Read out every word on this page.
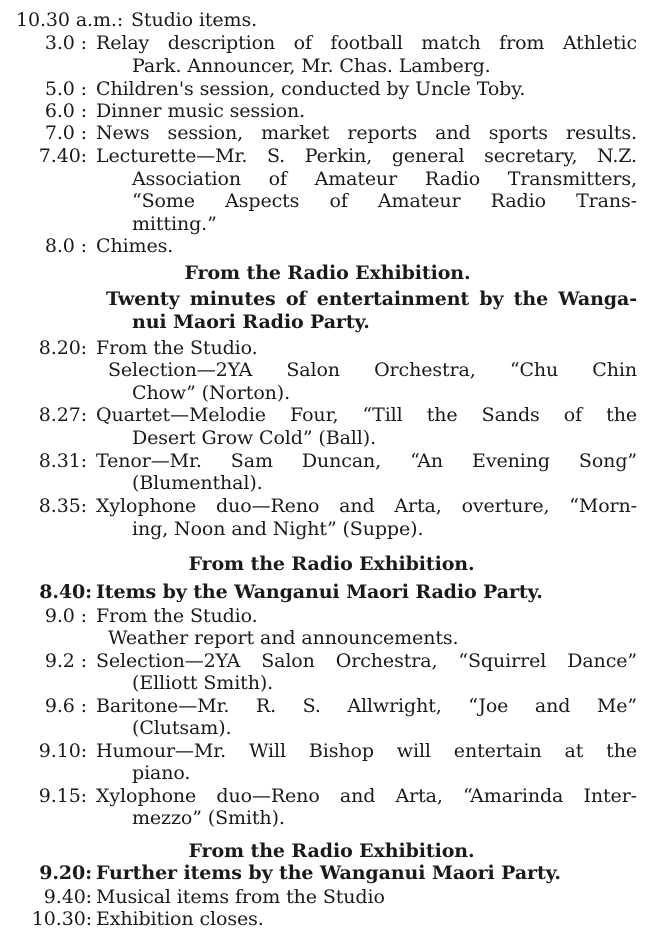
10.30 a.m.: Studio items.
3.0 : Relay description of football match from Athletic
Park. Announcer, Mr. Chas. Lamberg.
5.0 : Children's session, conducted by Uncle Toby.
6.0 : Dinner music session.
7.0 : News session, market reports and sports results.
7.40: Lecturette—Mr. S. Perkin, general secretary, N.Z.
Association of Amateur Radio Transmitters,
“Some Aspects of Amateur Radio Trans-
mitting.”
8.0 : Chimes.
From the Radio Exhibition.
Twenty minutes of entertainment by the Wanga-
nui Maori Radio Party.
8.20: From the Studio.
Selection—2YA Salon Orchestra, “Chu Chin
Chow” (Norton).
8.27: Quartet—Melodie Four, “Till the Sands of the
Desert Grow Cold” (Ball).
8.31: Tenor—Mr. Sam Duncan, “An Evening Song”
(Blumenthal).
8.35: Xylophone duo—Reno and Arta, overture, “Morn-
ing, Noon and Night” (Suppe).
From the Radio Exhibition.
8.40: Items by the Wanganui Maori Radio Party.
9.0 : From the Studio.
Weather report and announcements.
9.2 : Selection—2YA Salon Orchestra, “Squirrel Dance”
(Elliott Smith).
9.6 : Baritone—Mr. R. S. Allwright, “Joe and Me”
(Clutsam).
9.10: Humour—Mr. Will Bishop will entertain at the
piano.
9.15: Xylophone duo—Reno and Arta, “Amarinda Inter-
mezzo” (Smith).
From the Radio Exhibition.
9.20: Further items by the Wanganui Maori Party.
9.40: Musical items from the Studio
10.30: Exhibition closes.
